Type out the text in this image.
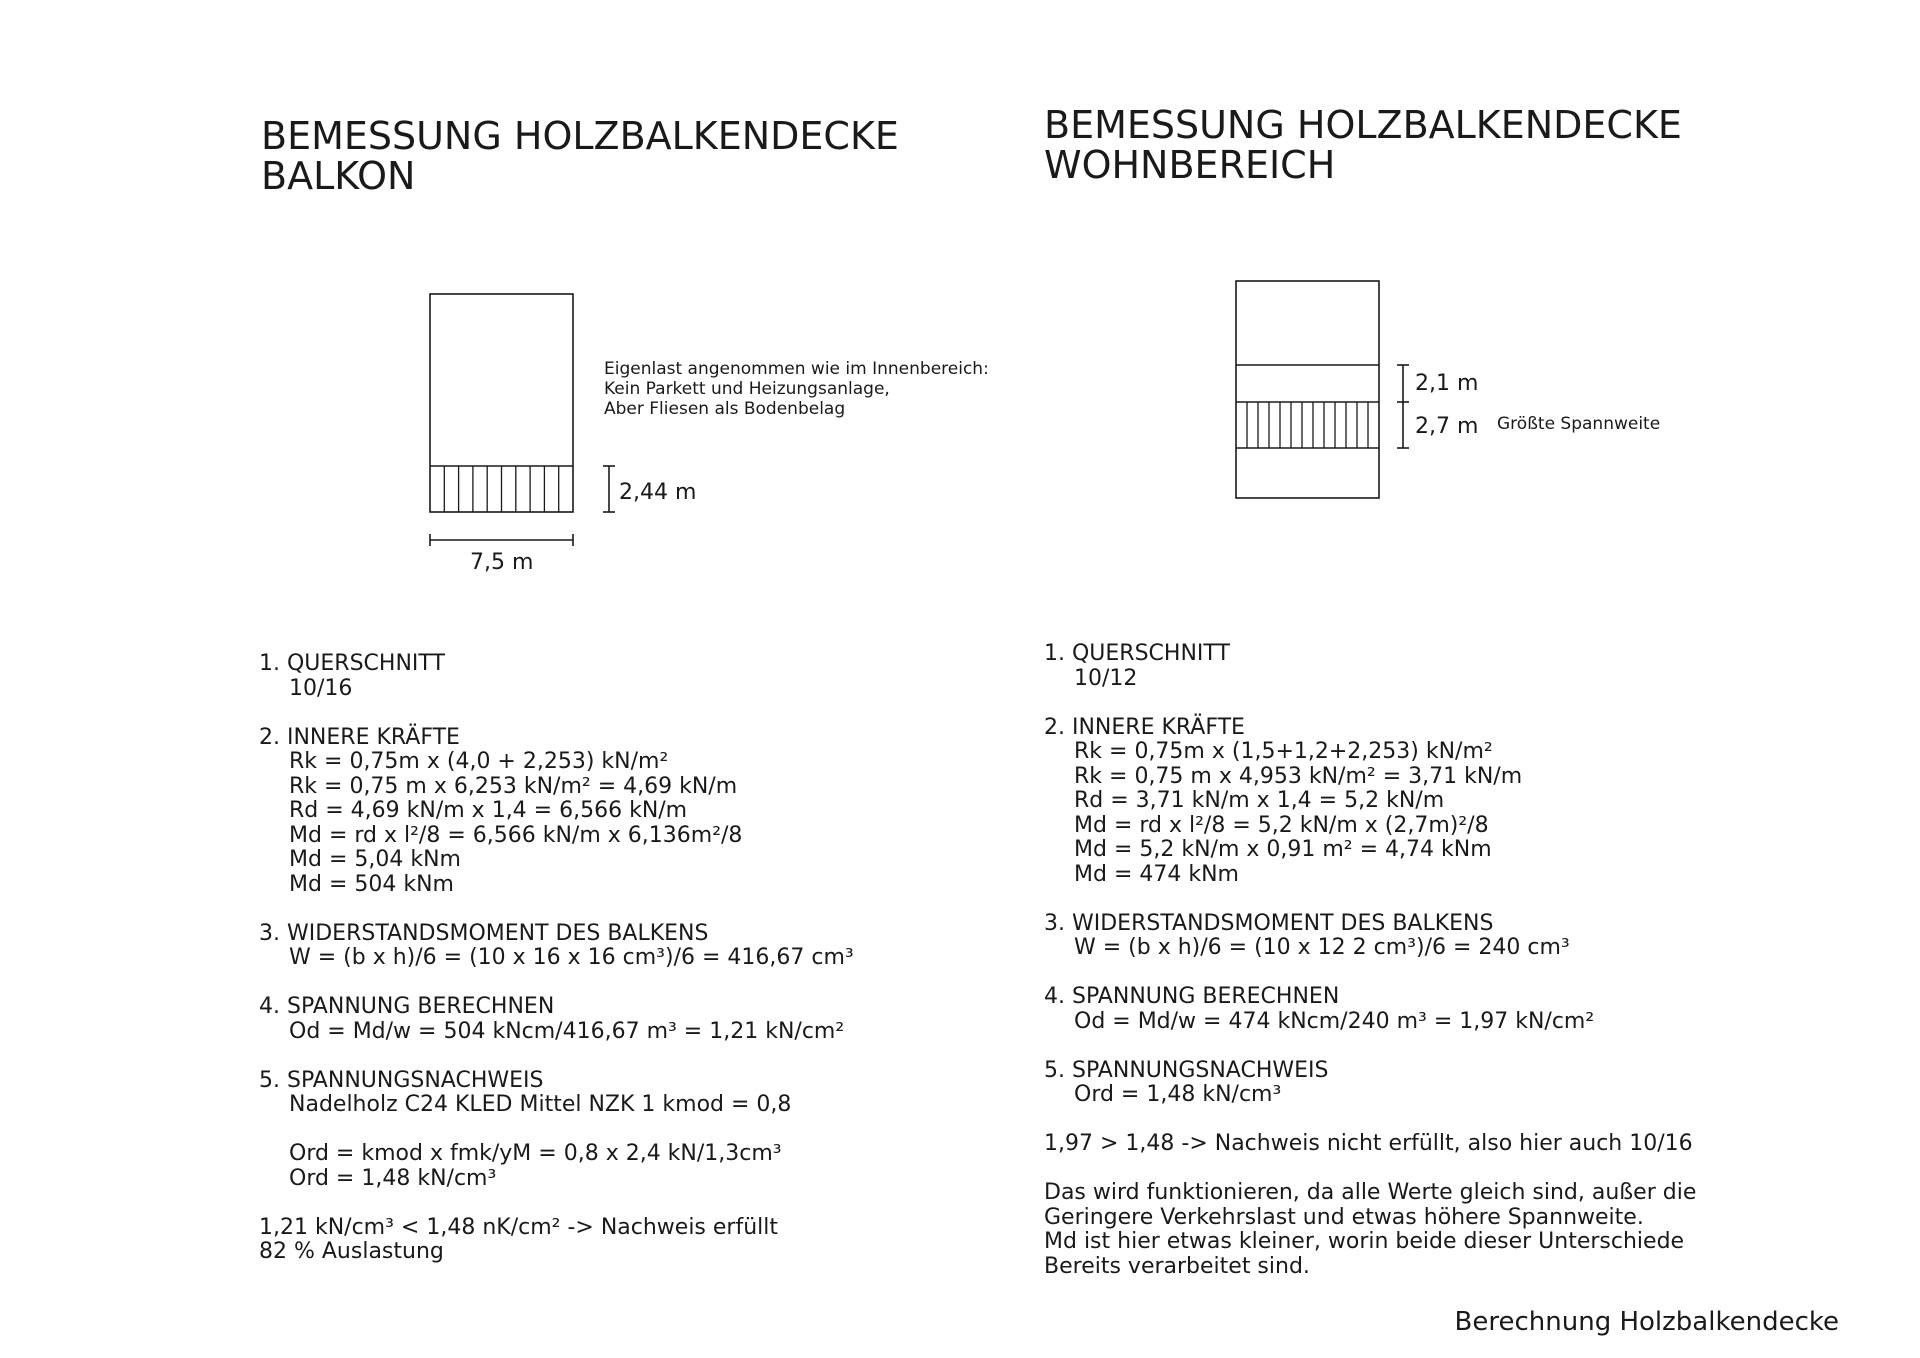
BEMESSUNG HOLZBALKENDECKE
BALKON
BEMESSUNG HOLZBALKENDECKE
WOHNBEREICH
Eigenlast angenommen wie im Innenbereich:
Kein Parkett und Heizungsanlage,
Aber Fliesen als Bodenbelag
2,44 m
7,5 m
2,1 m
2,7 m Größte Spannweite
1. QUERSCHNITT
10/16
2. INNERE KRÄFTE
Rk = 0,75m x (4,0 + 2,253) kN/m²
Rk = 0,75 m x 6,253 kN/m² = 4,69 kN/m
Rd = 4,69 kN/m x 1,4 = 6,566 kN/m
Md = rd x l²/8 = 6,566 kN/m x 6,136m²/8
Md = 5,04 kNm
Md = 504 kNm
3. WIDERSTANDSMOMENT DES BALKENS
W = (b x h)/6 = (10 x 16 x 16 cm³)/6 = 416,67 cm³
4. SPANNUNG BERECHNEN
Od = Md/w = 504 kNcm/416,67 m³ = 1,21 kN/cm²
5. SPANNUNGSNACHWEIS
Nadelholz C24 KLED Mittel NZK 1 kmod = 0,8
Ord = kmod x fmk/yM = 0,8 x 2,4 kN/1,3cm³
Ord = 1,48 kN/cm³
1,21 kN/cm³ < 1,48 nK/cm² -> Nachweis erfüllt
82 % Auslastung
1. QUERSCHNITT
10/12
2. INNERE KRÄFTE
Rk = 0,75m x (1,5+1,2+2,253) kN/m²
Rk = 0,75 m x 4,953 kN/m² = 3,71 kN/m
Rd = 3,71 kN/m x 1,4 = 5,2 kN/m
Md = rd x l²/8 = 5,2 kN/m x (2,7m)²/8
Md = 5,2 kN/m x 0,91 m² = 4,74 kNm
Md = 474 kNm
3. WIDERSTANDSMOMENT DES BALKENS
W = (b x h)/6 = (10 x 12 2 cm³)/6 = 240 cm³
4. SPANNUNG BERECHNEN
Od = Md/w = 474 kNcm/240 m³ = 1,97 kN/cm²
5. SPANNUNGSNACHWEIS
Ord = 1,48 kN/cm³
1,97 > 1,48 -> Nachweis nicht erfüllt, also hier auch 10/16
Das wird funktionieren, da alle Werte gleich sind, außer die
Geringere Verkehrslast und etwas höhere Spannweite.
Md ist hier etwas kleiner, worin beide dieser Unterschiede
Bereits verarbeitet sind.
Berechnung Holzbalkendecke
